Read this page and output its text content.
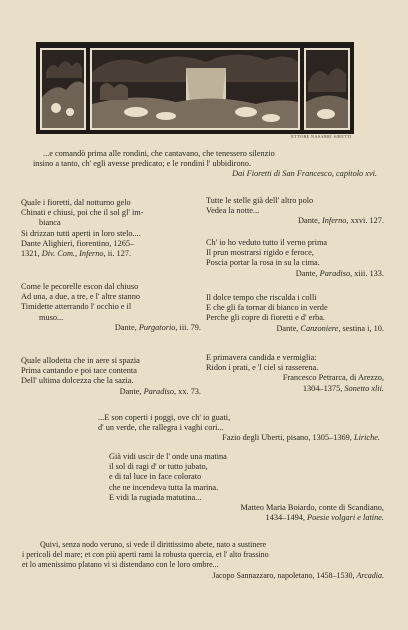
ETTORE NASARRI SIRETTI
...e comandò prima alle rondini, che cantavano, che tenessero silenzio
insino a tanto, ch' egli avesse predicato; e le rondini l' ubbidirono.
Dai Fioretti di San Francesco, capitolo xvi.
Quale i fioretti, dal notturno gelo
Chinati e chiusi, poi che il sol gl' im-
bianca
Si drizzan tutti aperti in loro stelo....
Dante Alighieri, fiorentino, 1265–
1321, Div. Com., Inferno, ii. 127.
Come le pecorelle escon dal chiuso
Ad una, a due, a tre, e l' altre stanno
Timidette atterrando l' occhio e il
muso...
Dante, Purgatorio, iii. 79.
Quale allodetta che in aere si spazia
Prima cantando e poi tace contenta
Dell' ultima dolcezza che la sazia.
Dante, Paradiso, xx. 73.
Tutte le stelle già dell' altro polo
Vedea la notte...
Dante, Inferno, xxvi. 127.
Ch' io ho veduto tutto il verno prima
Il prun mostrarsi rigido e feroce,
Poscia portar la rosa in su la cima.
Dante, Paradiso, xiii. 133.
Il dolce tempo che riscalda i colli
E che gli fa tornar di bianco in verde
Perche gli copre di fioretti e d' erba.
Dante, Canzoniere, sestina i, 10.
E primavera candida e vermiglia:
Ridon i prati, e 'l ciel si rasserena.
Francesco Petrarca, di Arezzo,
1304–1375, Sonetto xlii.
...E son coperti i poggi, ove ch' io guati,
d' un verde, che rallegra i vaghi cori...
Fazio degli Uberti, pisano, 1305–1369, Liriche.
Già vidi uscir de l' onde una matina
il sol di ragi d' or tutto jubato,
e di tal luce in face colorato
che ne incendeva tutta la marina.
E vidi la rugiada matutina...
Matteo Maria Boiardo, conte di Scandiano,
1434–1494, Poesie volgari e latine.
Quivi, senza nodo veruno, si vede il dirittissimo abete, nato a sustinere
i pericoli del mare; et con più aperti rami la robusta quercia, et l' alto frassino
et lo amenissimo platano vi si distendano con le loro ombre...
Jacopo Sannazzaro, napoletano, 1458–1530, Arcadia.
